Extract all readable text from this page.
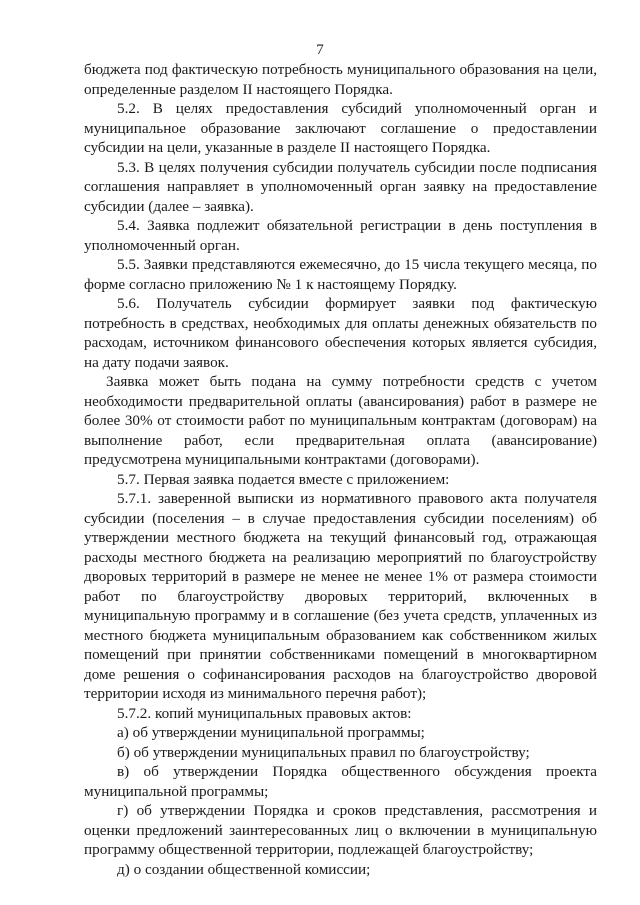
7

бюджета под фактическую потребность муниципального образования на цели, определенные разделом II настоящего Порядка.

5.2. В целях предоставления субсидий уполномоченный орган и муниципальное образование заключают соглашение о предоставлении субсидии на цели, указанные в разделе II настоящего Порядка.

5.3. В целях получения субсидии получатель субсидии после подписания соглашения направляет в уполномоченный орган заявку на предоставление субсидии (далее – заявка).

5.4. Заявка подлежит обязательной регистрации в день поступления в уполномоченный орган.

5.5. Заявки представляются ежемесячно, до 15 числа текущего месяца, по форме согласно приложению № 1 к настоящему Порядку.

5.6. Получатель субсидии формирует заявки под фактическую потребность в средствах, необходимых для оплаты денежных обязательств по расходам, источником финансового обеспечения которых является субсидия, на дату подачи заявок.

Заявка может быть подана на сумму потребности средств с учетом необходимости предварительной оплаты (авансирования) работ в размере не более 30% от стоимости работ по муниципальным контрактам (договорам) на выполнение работ, если предварительная оплата (авансирование) предусмотрена муниципальными контрактами (договорами).

5.7. Первая заявка подается вместе с приложением:

5.7.1. заверенной выписки из нормативного правового акта получателя субсидии (поселения – в случае предоставления субсидии поселениям) об утверждении местного бюджета на текущий финансовый год, отражающая расходы местного бюджета на реализацию мероприятий по благоустройству дворовых территорий в размере не менее не менее 1% от размера стоимости работ по благоустройству дворовых территорий, включенных в муниципальную программу и в соглашение (без учета средств, уплаченных из местного бюджета муниципальным образованием как собственником жилых помещений при принятии собственниками помещений в многоквартирном доме решения о софинансирования расходов на благоустройство дворовой территории исходя из минимального перечня работ);

5.7.2. копий муниципальных правовых актов:

а) об утверждении муниципальной программы;

б) об утверждении муниципальных правил по благоустройству;

в) об утверждении Порядка общественного обсуждения проекта муниципальной программы;

г) об утверждении Порядка и сроков представления, рассмотрения и оценки предложений заинтересованных лиц о включении в муниципальную программу общественной территории, подлежащей благоустройству;

д) о создании общественной комиссии;
